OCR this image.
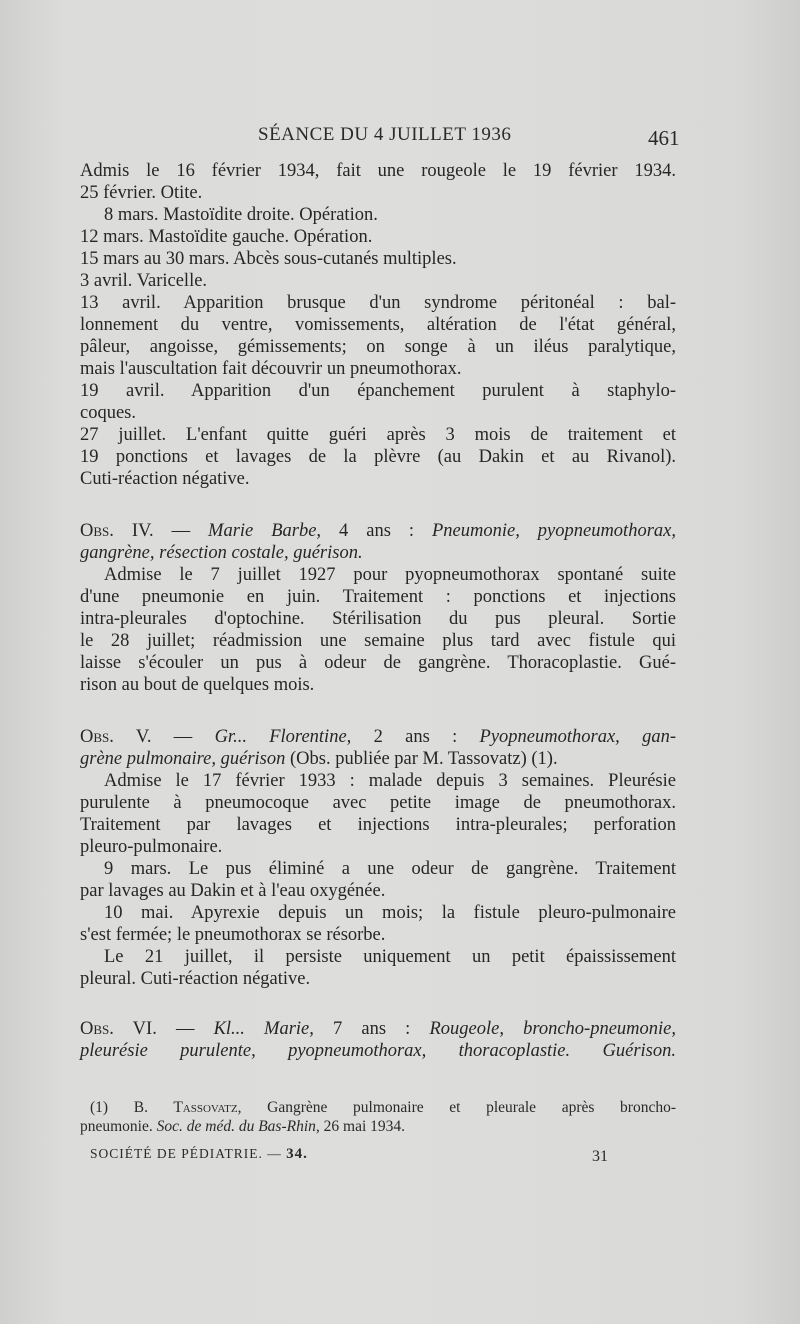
SÉANCE DU 4 JUILLET 1936	461
Admis le 16 février 1934, fait une rougeole le 19 février 1934.
25 février. Otite.
8 mars. Mastoïdite droite. Opération.
12 mars. Mastoïdite gauche. Opération.
15 mars au 30 mars. Abcès sous-cutanés multiples.
3 avril. Varicelle.
13 avril. Apparition brusque d'un syndrome péritonéal : bal-
lonnement du ventre, vomissements, altération de l'état général,
pâleur, angoisse, gémissements; on songe à un iléus paralytique,
mais l'auscultation fait découvrir un pneumothorax.
19 avril. Apparition d'un épanchement purulent à staphylo-
coques.
27 juillet. L'enfant quitte guéri après 3 mois de traitement et
19 ponctions et lavages de la plèvre (au Dakin et au Rivanol).
Cuti-réaction négative.
Obs. IV. — Marie Barbe, 4 ans : Pneumonie, pyopneumothorax,
gangrène, résection costale, guérison.
Admise le 7 juillet 1927 pour pyopneumothorax spontané suite
d'une pneumonie en juin. Traitement : ponctions et injections
intra-pleurales d'optochine. Stérilisation du pus pleural. Sortie
le 28 juillet; réadmission une semaine plus tard avec fistule qui
laisse s'écouler un pus à odeur de gangrène. Thoracoplastie. Gué-
rison au bout de quelques mois.
Obs. V. — Gr... Florentine, 2 ans : Pyopneumothorax, gan-
grène pulmonaire, guérison (Obs. publiée par M. Tassovatz) (1).
Admise le 17 février 1933 : malade depuis 3 semaines. Pleurésie
purulente à pneumocoque avec petite image de pneumothorax.
Traitement par lavages et injections intra-pleurales; perforation
pleuro-pulmonaire.
9 mars. Le pus éliminé a une odeur de gangrène. Traitement
par lavages au Dakin et à l'eau oxygénée.
10 mai. Apyrexie depuis un mois; la fistule pleuro-pulmonaire
s'est fermée; le pneumothorax se résorbe.
Le 21 juillet, il persiste uniquement un petit épaississement
pleural. Cuti-réaction négative.
Obs. VI. — Kl... Marie, 7 ans : Rougeole, broncho-pneumonie,
pleurésie purulente, pyopneumothorax, thoracoplastie. Guérison.
(1) B. Tassovatz, Gangrène pulmonaire et pleurale après broncho-
pneumonie. Soc. de méd. du Bas-Rhin, 26 mai 1934.
SOCIÉTÉ DE PÉDIATRIE. — 34.	31
